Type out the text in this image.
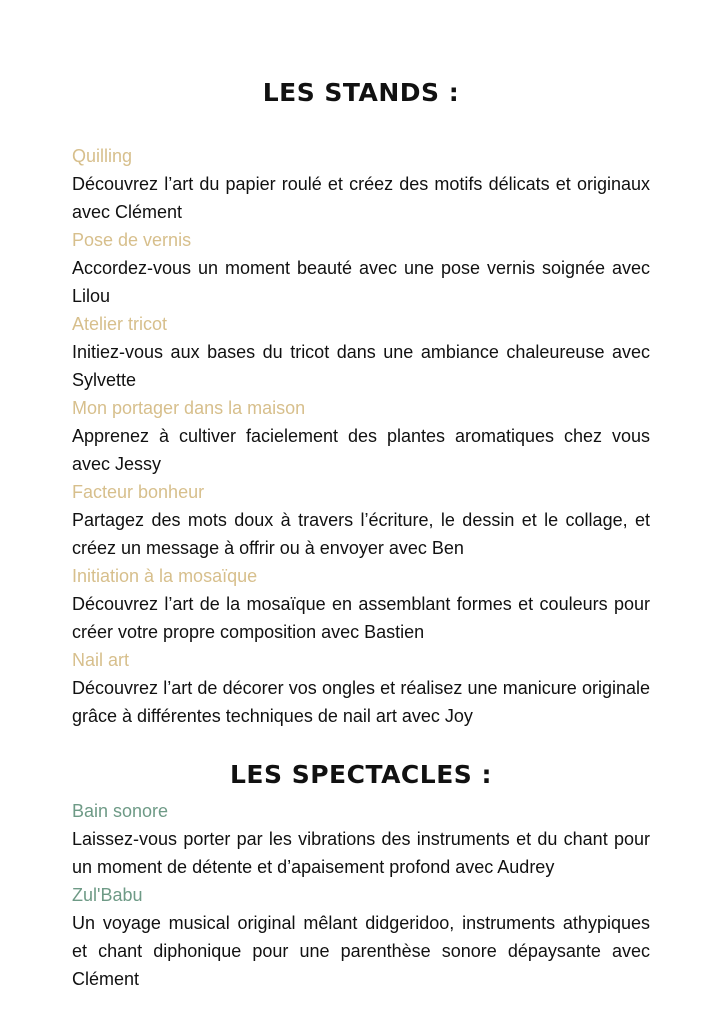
LES STANDS :
Quilling
Découvrez l’art du papier roulé et créez des motifs délicats et originaux avec Clément
Pose de vernis
Accordez-vous un moment beauté avec une pose vernis soignée avec Lilou
Atelier tricot
Initiez-vous aux bases du tricot dans une ambiance chaleureuse avec Sylvette
Mon portager dans la maison
Apprenez à cultiver facielement des plantes aromatiques chez vous avec Jessy
Facteur bonheur
Partagez des mots doux à travers l’écriture, le dessin et le collage, et créez un message à offrir ou à envoyer avec Ben
Initiation à la mosaïque
Découvrez l’art de la mosaïque en assemblant formes et couleurs pour créer votre propre composition avec Bastien
Nail art
Découvrez l’art de décorer vos ongles et réalisez une manicure originale grâce à différentes techniques de nail art avec Joy
LES SPECTACLES :
Bain sonore
Laissez-vous porter par les vibrations des instruments et du chant pour un moment de détente et d’apaisement profond avec Audrey
Zul'Babu
Un voyage musical original mêlant didgeridoo, instruments athypiques et chant diphonique pour une parenthèse sonore dépaysante avec Clément
